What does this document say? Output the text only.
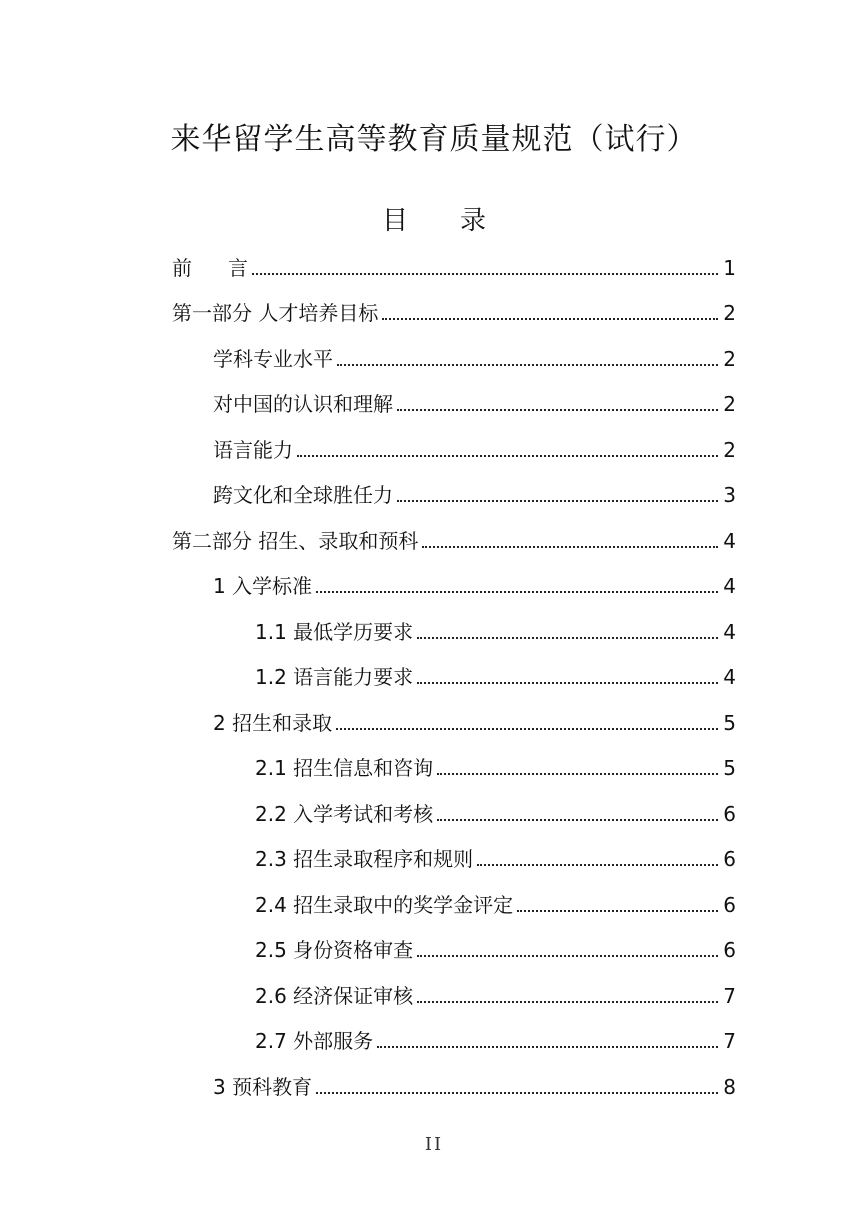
来华留学生高等教育质量规范（试行）
目 录
前 言	1
第一部分 人才培养目标	2
学科专业水平	2
对中国的认识和理解	2
语言能力	2
跨文化和全球胜任力	3
第二部分 招生、录取和预科	4
1 入学标准	4
1.1 最低学历要求	4
1.2 语言能力要求	4
2 招生和录取	5
2.1 招生信息和咨询	5
2.2 入学考试和考核	6
2.3 招生录取程序和规则	6
2.4 招生录取中的奖学金评定	6
2.5 身份资格审查	6
2.6 经济保证审核	7
2.7 外部服务	7
3 预科教育	8
II
